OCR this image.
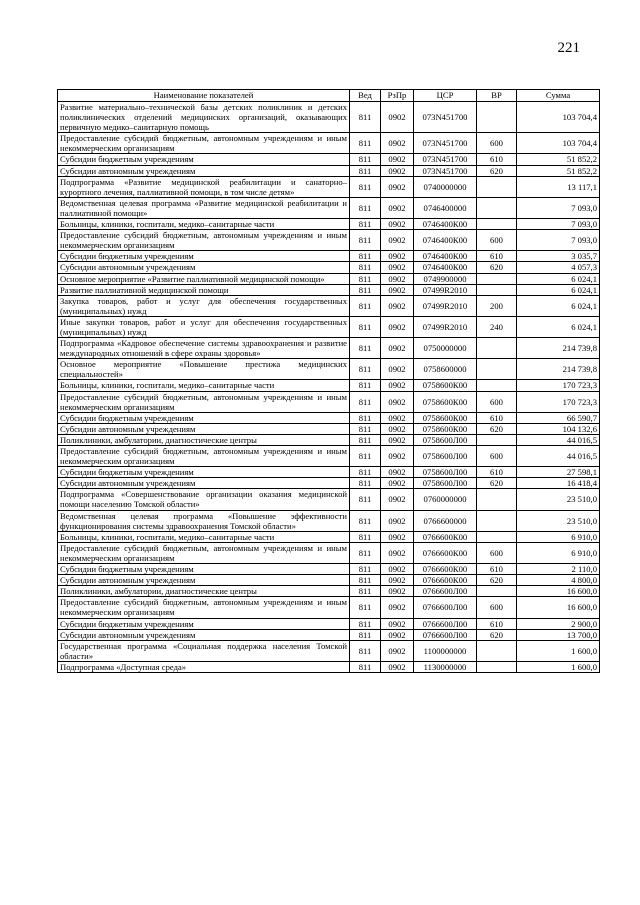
221
Наименование показателей	Вед	РзПр	ЦСР	ВР	Сумма
Развитие материально–технической базы детских поликлиник и детских поликлинических отделений медицинских организаций, оказывающих первичную медико–санитарную помощь	811	0902	073N451700		103 704,4
Предоставление субсидий бюджетным, автономным учреждениям и иным некоммерческим организациям	811	0902	073N451700	600	103 704,4
Субсидии бюджетным учреждениям	811	0902	073N451700	610	51 852,2
Субсидии автономным учреждениям	811	0902	073N451700	620	51 852,2
Подпрограмма «Развитие медицинской реабилитации и санаторно–курортного лечения, паллиативной помощи, в том числе детям»	811	0902	0740000000		13 117,1
Ведомственная целевая программа «Развитие медицинской реабилитации и паллиативной помощи»	811	0902	0746400000		7 093,0
Больницы, клиники, госпитали, медико–санитарные части	811	0902	0746400К00		7 093,0
Предоставление субсидий бюджетным, автономным учреждениям и иным некоммерческим организациям	811	0902	0746400К00	600	7 093,0
Субсидии бюджетным учреждениям	811	0902	0746400К00	610	3 035,7
Субсидии автономным учреждениям	811	0902	0746400К00	620	4 057,3
Основное мероприятие «Развитие паллиативной медицинской помощи»	811	0902	0749900000		6 024,1
Развитие паллиативной медицинской помощи	811	0902	07499R2010		6 024,1
Закупка товаров, работ и услуг для обеспечения государственных (муниципальных) нужд	811	0902	07499R2010	200	6 024,1
Иные закупки товаров, работ и услуг для обеспечения государственных (муниципальных) нужд	811	0902	07499R2010	240	6 024,1
Подпрограмма «Кадровое обеспечение системы здравоохранения и развитие международных отношений в сфере охраны здоровья»	811	0902	0750000000		214 739,8
Основное мероприятие «Повышение престижа медицинских специальностей»	811	0902	0758600000		214 739,8
Больницы, клиники, госпитали, медико–санитарные части	811	0902	0758600К00		170 723,3
Предоставление субсидий бюджетным, автономным учреждениям и иным некоммерческим организациям	811	0902	0758600К00	600	170 723,3
Субсидии бюджетным учреждениям	811	0902	0758600К00	610	66 590,7
Субсидии автономным учреждениям	811	0902	0758600К00	620	104 132,6
Поликлиники, амбулатории, диагностические центры	811	0902	0758600Л00		44 016,5
Предоставление субсидий бюджетным, автономным учреждениям и иным некоммерческим организациям	811	0902	0758600Л00	600	44 016,5
Субсидии бюджетным учреждениям	811	0902	0758600Л00	610	27 598,1
Субсидии автономным учреждениям	811	0902	0758600Л00	620	16 418,4
Подпрограмма «Совершенствование организации оказания медицинской помощи населению Томской области»	811	0902	0760000000		23 510,0
Ведомственная целевая программа «Повышение эффективности функционирования системы здравоохранения Томской области»	811	0902	0766600000		23 510,0
Больницы, клиники, госпитали, медико–санитарные части	811	0902	0766600К00		6 910,0
Предоставление субсидий бюджетным, автономным учреждениям и иным некоммерческим организациям	811	0902	0766600К00	600	6 910,0
Субсидии бюджетным учреждениям	811	0902	0766600К00	610	2 110,0
Субсидии автономным учреждениям	811	0902	0766600К00	620	4 800,0
Поликлиники, амбулатории, диагностические центры	811	0902	0766600Л00		16 600,0
Предоставление субсидий бюджетным, автономным учреждениям и иным некоммерческим организациям	811	0902	0766600Л00	600	16 600,0
Субсидии бюджетным учреждениям	811	0902	0766600Л00	610	2 900,0
Субсидии автономным учреждениям	811	0902	0766600Л00	620	13 700,0
Государственная программа «Социальная поддержка населения Томской области»	811	0902	1100000000		1 600,0
Подпрограмма «Доступная среда»	811	0902	1130000000		1 600,0
